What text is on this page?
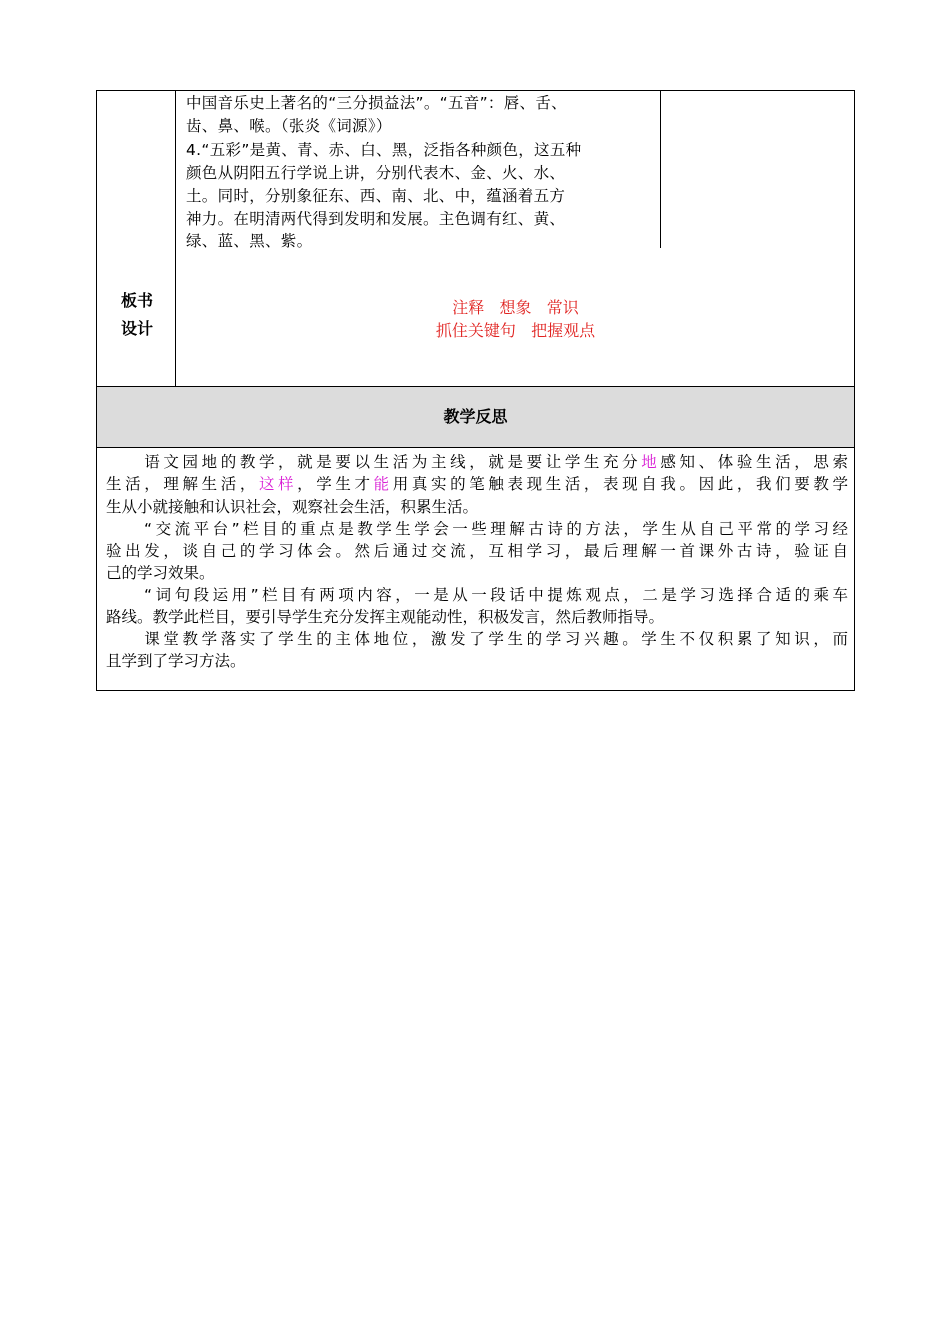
板书
设计
中国音乐史上著名的“三分损益法”。“五音”：唇、舌、
齿、鼻、喉。（张炎《词源》）
4.“五彩”是黄、青、赤、白、黑，泛指各种颜色，这五种
颜色从阴阳五行学说上讲，分别代表木、金、火、水、
土。同时，分别象征东、西、南、北、中，蕴涵着五方
神力。在明清两代得到发明和发展。主色调有红、黄、
绿、蓝、黑、紫。
注释   想象   常识
抓住关键句   把握观点
教学反思
　　语文园地的教学，就是要以生活为主线，就是要让学生充分地感知、体验生活，思索
生活，理解生活，这样，学生才能用真实的笔触表现生活，表现自我。因此，我们要教学
生从小就接触和认识社会，观察社会生活，积累生活。
　　“交流平台”栏目的重点是教学生学会一些理解古诗的方法，学生从自己平常的学习经
验出发，谈自己的学习体会。然后通过交流，互相学习，最后理解一首课外古诗，验证自
己的学习效果。
　　“词句段运用”栏目有两项内容，一是从一段话中提炼观点，二是学习选择合适的乘车
路线。教学此栏目，要引导学生充分发挥主观能动性，积极发言，然后教师指导。
　　课堂教学落实了学生的主体地位，激发了学生的学习兴趣。学生不仅积累了知识，而
且学到了学习方法。
